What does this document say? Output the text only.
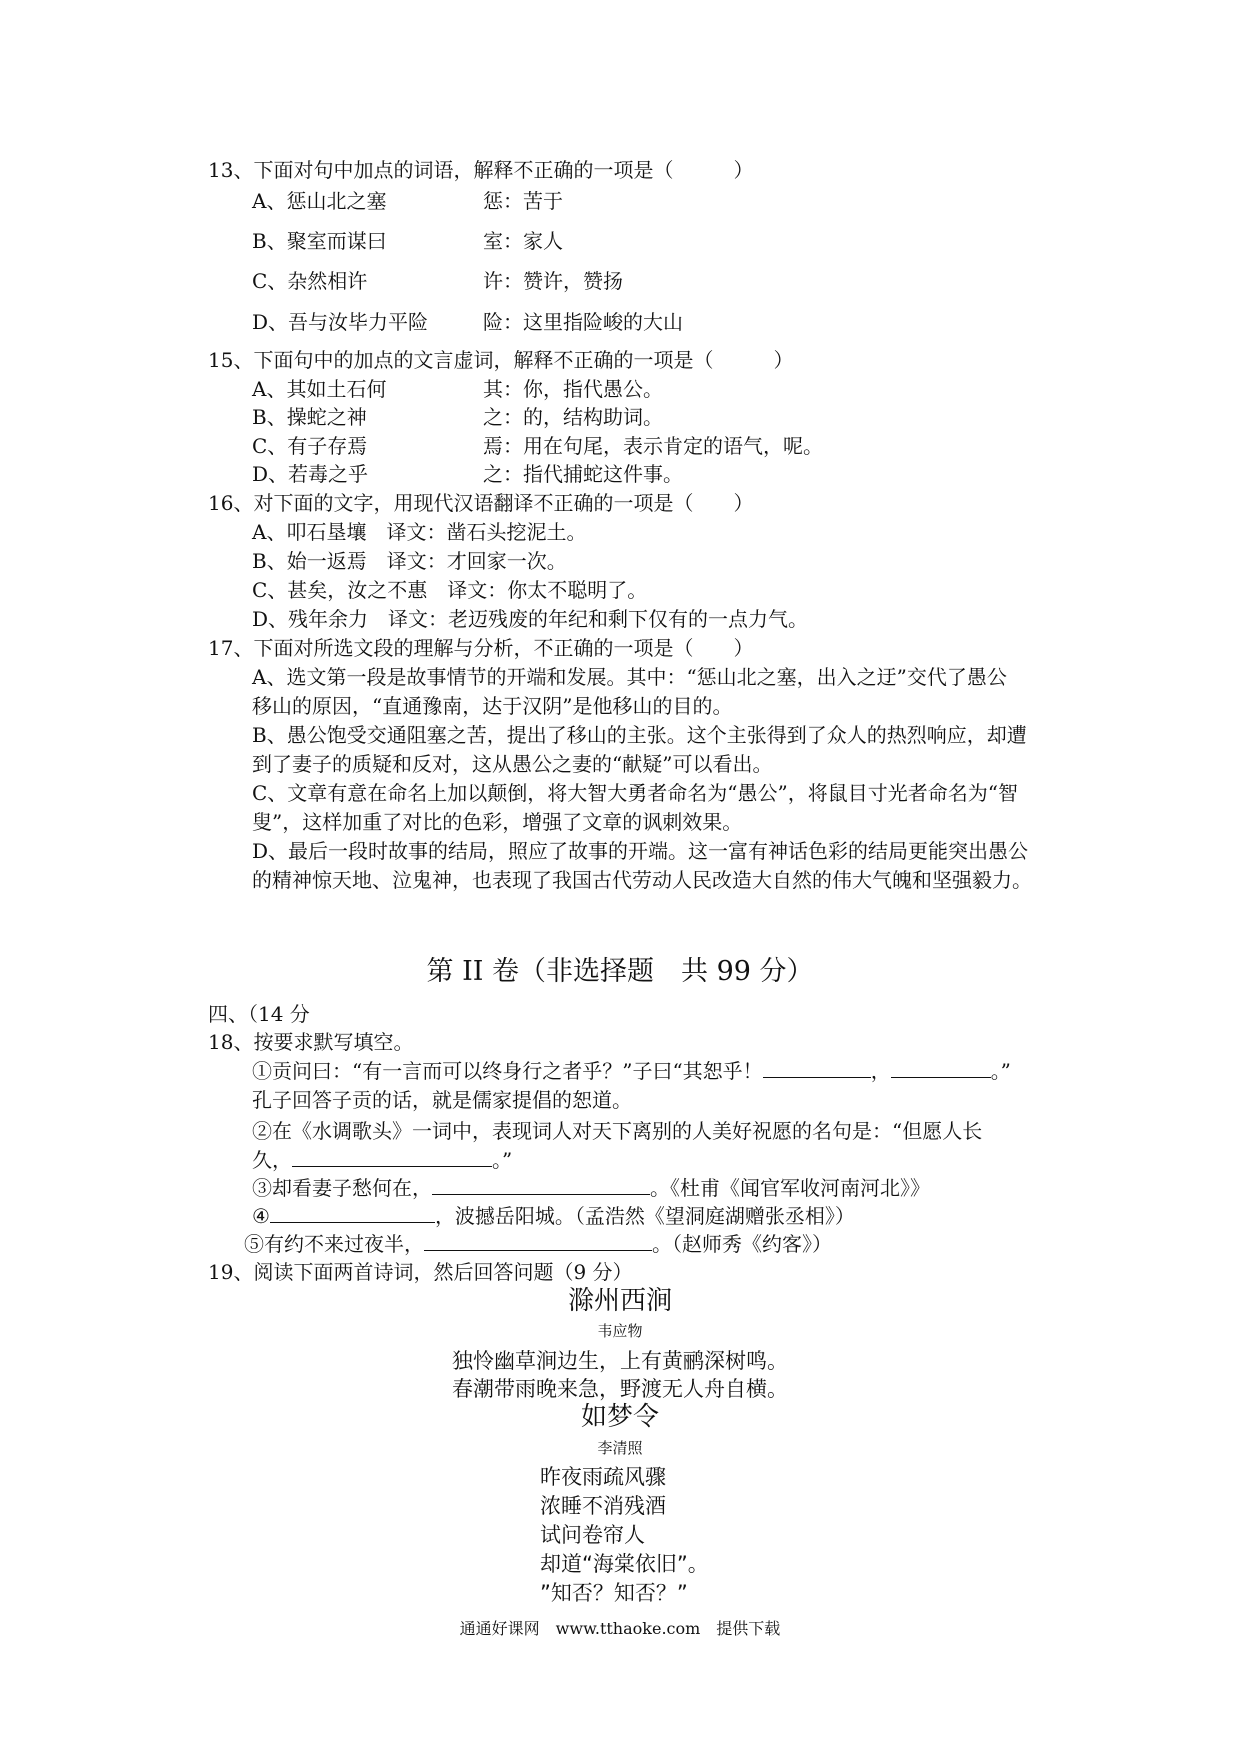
13、下面对句中加点的词语，解释不正确的一项是（　　　）
A、惩山北之塞	惩：苦于
B、聚室而谋曰	室：家人
C、杂然相许	许：赞许，赞扬
D、吾与汝毕力平险	险：这里指险峻的大山
15、下面句中的加点的文言虚词，解释不正确的一项是（　　　）
A、其如土石何	其：你，指代愚公。
B、操蛇之神	之：的，结构助词。
C、有子存焉	焉：用在句尾，表示肯定的语气，呢。
D、若毒之乎	之：指代捕蛇这件事。
16、对下面的文字，用现代汉语翻译不正确的一项是（　　）
A、叩石垦壤　译文：凿石头挖泥土。
B、始一返焉　译文：才回家一次。
C、甚矣，汝之不惠　译文：你太不聪明了。
D、残年余力　译文：老迈残废的年纪和剩下仅有的一点力气。
17、下面对所选文段的理解与分析，不正确的一项是（　　）
A、选文第一段是故事情节的开端和发展。其中：“惩山北之塞，出入之迂”交代了愚公
移山的原因，“直通豫南，达于汉阴”是他移山的目的。
B、愚公饱受交通阻塞之苦，提出了移山的主张。这个主张得到了众人的热烈响应，却遭
到了妻子的质疑和反对，这从愚公之妻的“献疑”可以看出。
C、文章有意在命名上加以颠倒，将大智大勇者命名为“愚公”，将鼠目寸光者命名为“智
叟”，这样加重了对比的色彩，增强了文章的讽刺效果。
D、最后一段时故事的结局，照应了故事的开端。这一富有神话色彩的结局更能突出愚公
的精神惊天地、泣鬼神，也表现了我国古代劳动人民改造大自然的伟大气魄和坚强毅力。
第 II 卷（非选择题　共 99 分）
四、（14 分
18、按要求默写填空。
①贡问曰：“有一言而可以终身行之者乎？”子曰“其恕乎！	，	。”
孔子回答子贡的话，就是儒家提倡的恕道。
②在《水调歌头》一词中，表现词人对天下离别的人美好祝愿的名句是：“但愿人长
久，	。”
③却看妻子愁何在，	。《杜甫《闻官军收河南河北》》
④	，波撼岳阳城。（孟浩然《望洞庭湖赠张丞相》）
⑤有约不来过夜半，	。（赵师秀《约客》）
19、阅读下面两首诗词，然后回答问题（9 分）
滁州西涧
韦应物
独怜幽草涧边生，上有黄鹂深树鸣。
春潮带雨晚来急，野渡无人舟自横。
如梦令
李清照
昨夜雨疏风骤
浓睡不消残酒
试问卷帘人
却道“海棠依旧”。
”知否？知否？”
通通好课网　www.tthaoke.com　提供下载
